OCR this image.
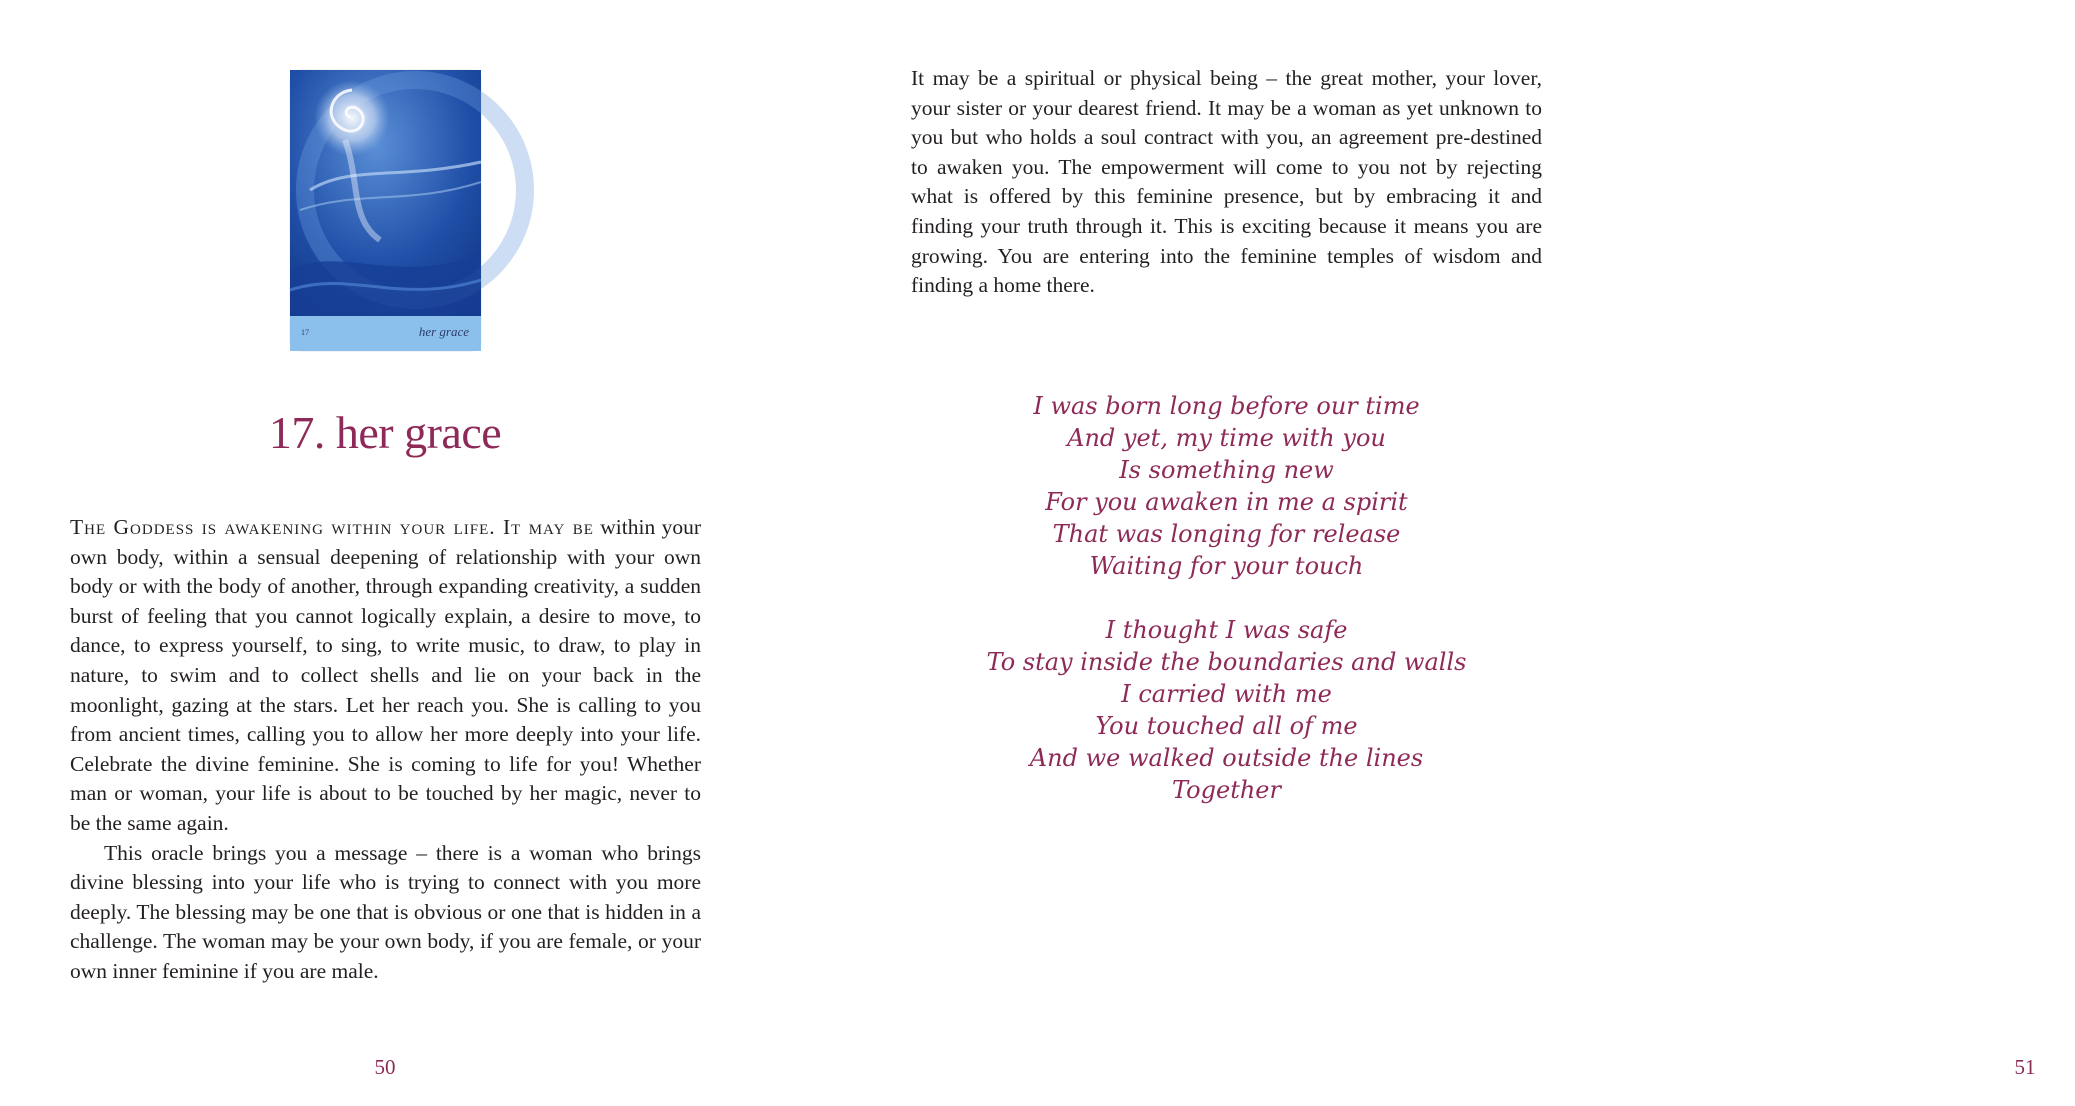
17	her grace
17. her grace

The Goddess is awakening within your life. It may be within your own body, within a sensual deepening of relationship with your own body or with the body of another, through expanding creativity, a sudden burst of feeling that you cannot logically explain, a desire to move, to dance, to express yourself, to sing, to write music, to draw, to play in nature, to swim and to collect shells and lie on your back in the moonlight, gazing at the stars. Let her reach you. She is calling to you from ancient times, calling you to allow her more deeply into your life. Celebrate the divine feminine. She is coming to life for you! Whether man or woman, your life is about to be touched by her magic, never to be the same again.

This oracle brings you a message – there is a woman who brings divine blessing into your life who is trying to connect with you more deeply. The blessing may be one that is obvious or one that is hidden in a challenge. The woman may be your own body, if you are female, or your own inner feminine if you are male.

50

It may be a spiritual or physical being – the great mother, your lover, your sister or your dearest friend. It may be a woman as yet unknown to you but who holds a soul contract with you, an agreement pre-destined to awaken you. The empowerment will come to you not by rejecting what is offered by this feminine presence, but by embracing it and finding your truth through it. This is exciting because it means you are growing. You are entering into the feminine temples of wisdom and finding a home there.

I was born long before our time
And yet, my time with you
Is something new
For you awaken in me a spirit
That was longing for release
Waiting for your touch
I thought I was safe
To stay inside the boundaries and walls
I carried with me
You touched all of me
And we walked outside the lines
Together
51
